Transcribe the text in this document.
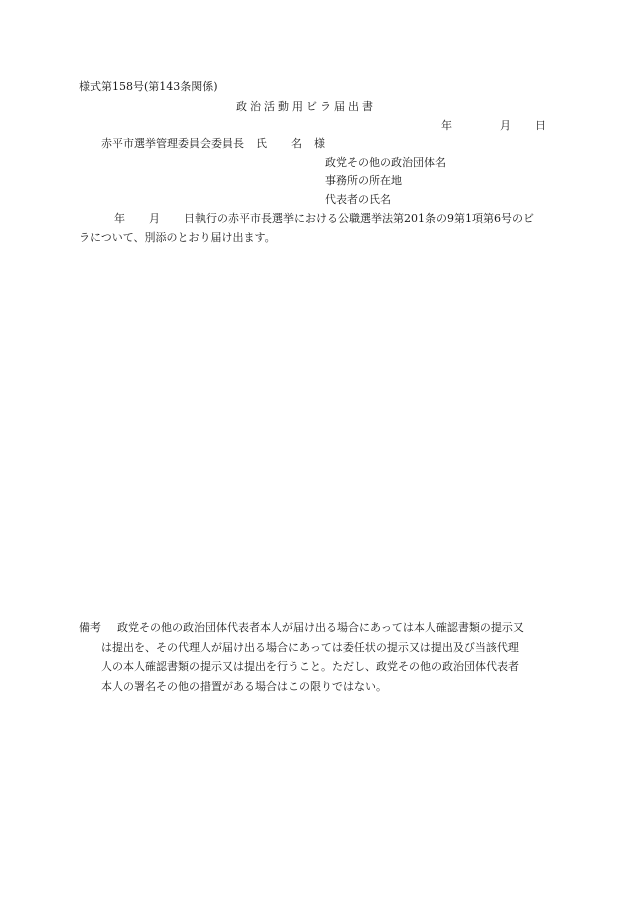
様式第158号(第143条関係)
政治活動用ビラ届出書
年	月 日
赤平市選挙管理委員会委員長 氏 名 様
政党その他の政治団体名
事務所の所在地
代表者の氏名
年 月 日執行の赤平市長選挙における公職選挙法第201条の9第1項第6号のビ
ラについて、別添のとおり届け出ます。
備考 政党その他の政治団体代表者本人が届け出る場合にあっては本人確認書類の提示又
は提出を、その代理人が届け出る場合にあっては委任状の提示又は提出及び当該代理
人の本人確認書類の提示又は提出を行うこと。ただし、政党その他の政治団体代表者
本人の署名その他の措置がある場合はこの限りではない。
